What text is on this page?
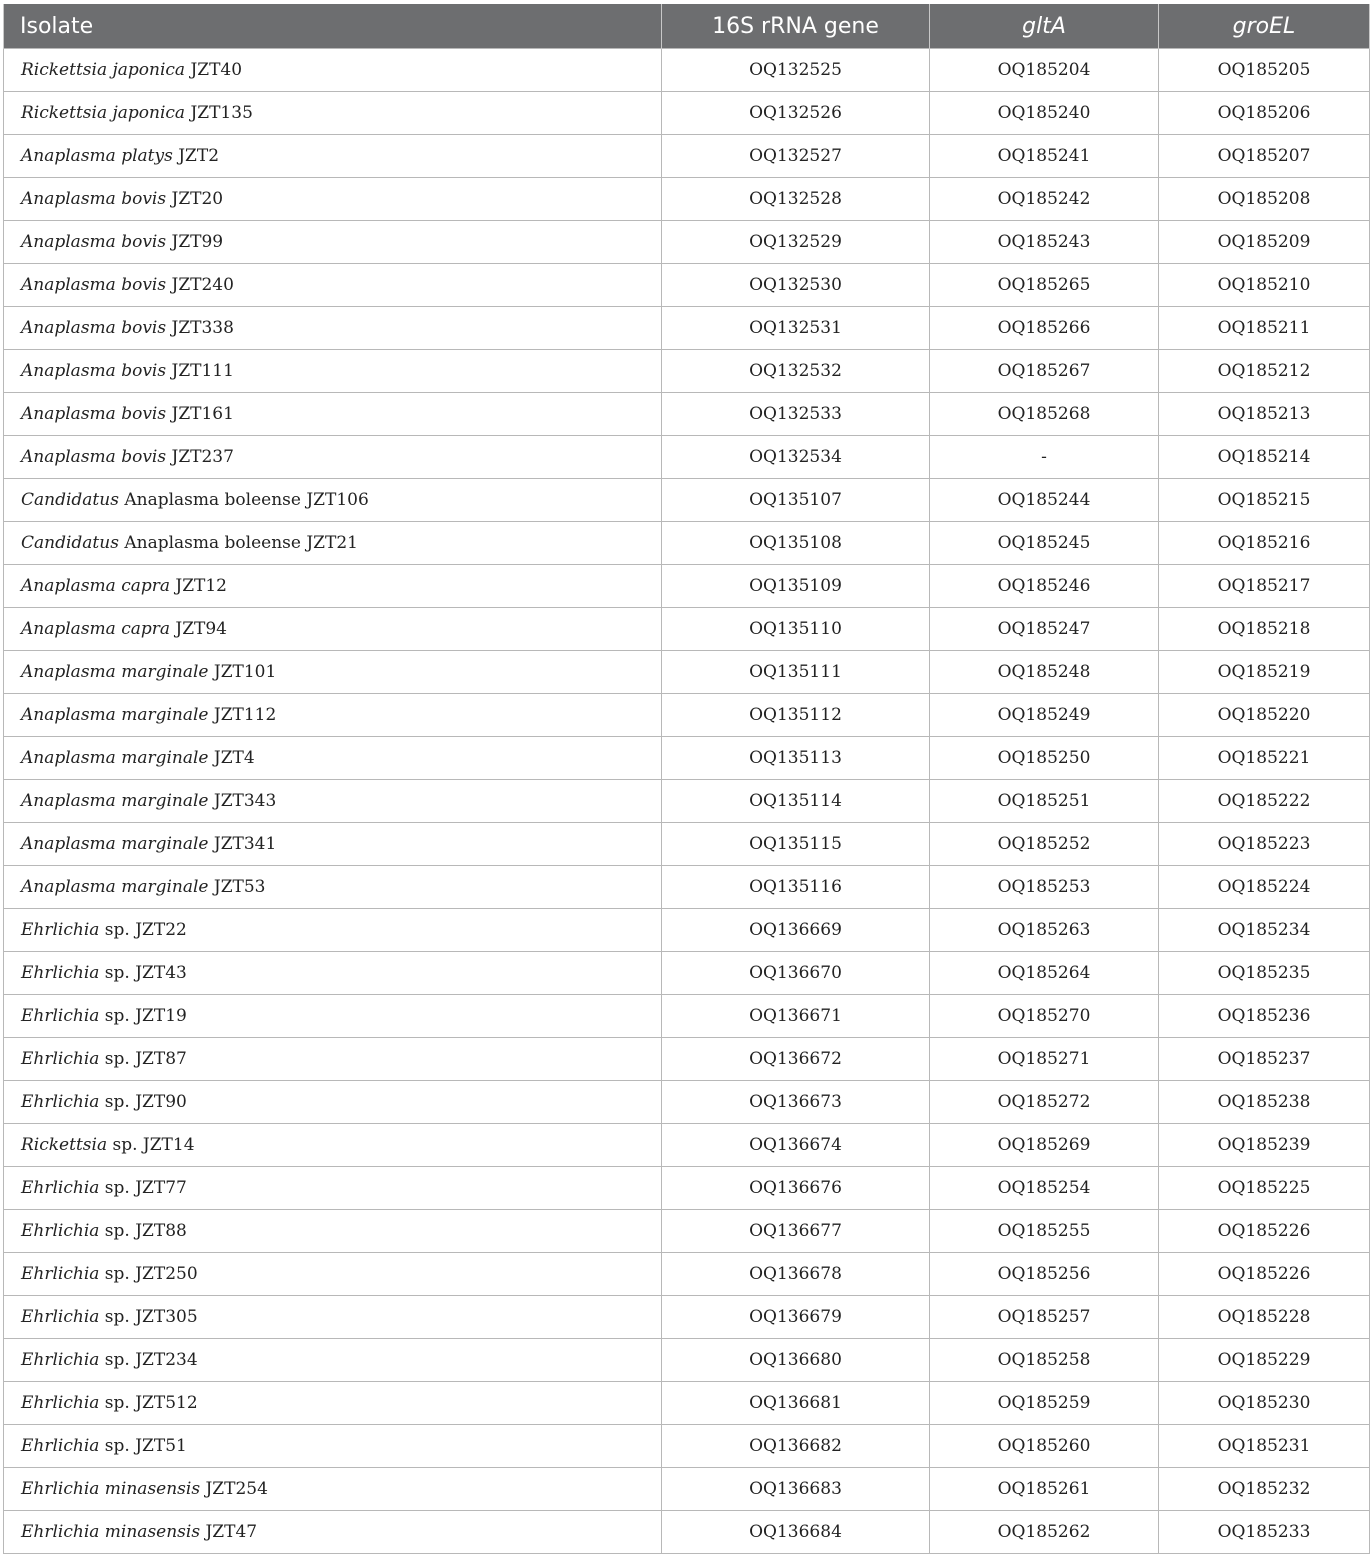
Isolate	16S rRNA gene	gltA	groEL
Rickettsia japonica JZT40	OQ132525	OQ185204	OQ185205
Rickettsia japonica JZT135	OQ132526	OQ185240	OQ185206
Anaplasma platys JZT2	OQ132527	OQ185241	OQ185207
Anaplasma bovis JZT20	OQ132528	OQ185242	OQ185208
Anaplasma bovis JZT99	OQ132529	OQ185243	OQ185209
Anaplasma bovis JZT240	OQ132530	OQ185265	OQ185210
Anaplasma bovis JZT338	OQ132531	OQ185266	OQ185211
Anaplasma bovis JZT111	OQ132532	OQ185267	OQ185212
Anaplasma bovis JZT161	OQ132533	OQ185268	OQ185213
Anaplasma bovis JZT237	OQ132534	-	OQ185214
Candidatus Anaplasma boleense JZT106	OQ135107	OQ185244	OQ185215
Candidatus Anaplasma boleense JZT21	OQ135108	OQ185245	OQ185216
Anaplasma capra JZT12	OQ135109	OQ185246	OQ185217
Anaplasma capra JZT94	OQ135110	OQ185247	OQ185218
Anaplasma marginale JZT101	OQ135111	OQ185248	OQ185219
Anaplasma marginale JZT112	OQ135112	OQ185249	OQ185220
Anaplasma marginale JZT4	OQ135113	OQ185250	OQ185221
Anaplasma marginale JZT343	OQ135114	OQ185251	OQ185222
Anaplasma marginale JZT341	OQ135115	OQ185252	OQ185223
Anaplasma marginale JZT53	OQ135116	OQ185253	OQ185224
Ehrlichia sp. JZT22	OQ136669	OQ185263	OQ185234
Ehrlichia sp. JZT43	OQ136670	OQ185264	OQ185235
Ehrlichia sp. JZT19	OQ136671	OQ185270	OQ185236
Ehrlichia sp. JZT87	OQ136672	OQ185271	OQ185237
Ehrlichia sp. JZT90	OQ136673	OQ185272	OQ185238
Rickettsia sp. JZT14	OQ136674	OQ185269	OQ185239
Ehrlichia sp. JZT77	OQ136676	OQ185254	OQ185225
Ehrlichia sp. JZT88	OQ136677	OQ185255	OQ185226
Ehrlichia sp. JZT250	OQ136678	OQ185256	OQ185226
Ehrlichia sp. JZT305	OQ136679	OQ185257	OQ185228
Ehrlichia sp. JZT234	OQ136680	OQ185258	OQ185229
Ehrlichia sp. JZT512	OQ136681	OQ185259	OQ185230
Ehrlichia sp. JZT51	OQ136682	OQ185260	OQ185231
Ehrlichia minasensis JZT254	OQ136683	OQ185261	OQ185232
Ehrlichia minasensis JZT47	OQ136684	OQ185262	OQ185233
